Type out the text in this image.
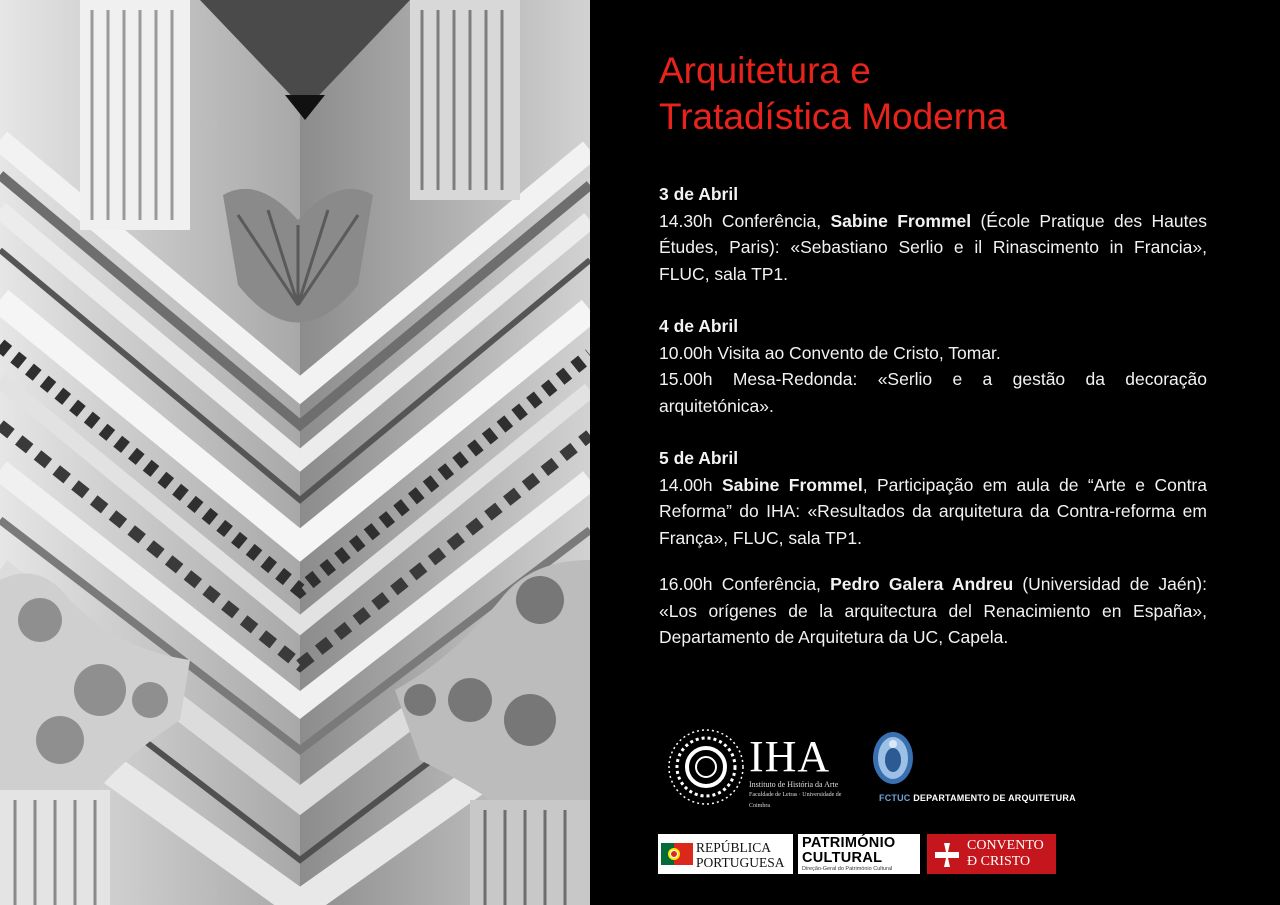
Arquitetura e
Tratadística Moderna
3 de Abril
14.30h Conferência, Sabine Frommel (École Pratique des Hautes Études, Paris): «Sebastiano Serlio e il Rinascimento in Francia», FLUC, sala TP1.
4 de Abril
10.00h Visita ao Convento de Cristo, Tomar.
15.00h Mesa-Redonda: «Serlio e a gestão da decoração arquitetónica».
5 de Abril
14.00h Sabine Frommel, Participação em aula de “Arte e Contra Reforma” do IHA: «Resultados da arquitetura da Contra-reforma em França», FLUC, sala TP1.
16.00h Conferência, Pedro Galera Andreu (Universidad de Jaén): «Los orígenes de la arquitectura del Renacimiento en España», Departamento de Arquitetura da UC, Capela.
IHA
Instituto de História da Arte
Faculdade de Letras · Universidade de Coimbra
FCTUC DEPARTAMENTO DE ARQUITETURA
REPÚBLICA
PORTUGUESA
PATRIMÓNIO
CULTURAL
Direção-Geral do Património Cultural
CONVENTO
Đ CRISTO
